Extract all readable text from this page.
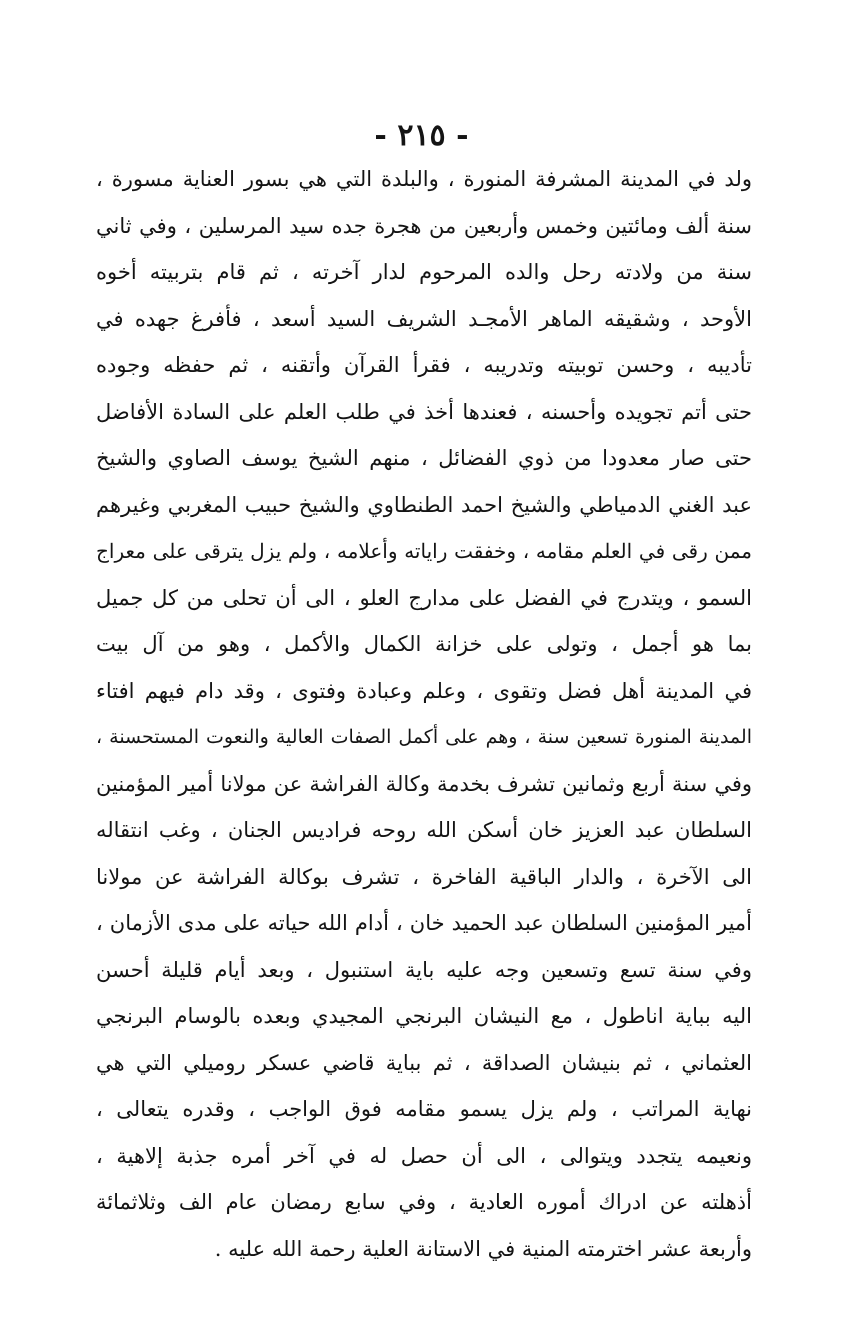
- ٢١٥ -
ولد في المدينة المشرفة المنورة ، والبلدة التي هي بسور العناية مسورة ،
سنة ألف ومائتين وخمس وأربعين من هجرة جده سيد المرسلين ، وفي ثاني
سنة من ولادته رحل والده المرحوم لدار آخرته ، ثم قام بتربيته أخوه
الأوحد ، وشقيقه الماهر الأمجـد الشريف السيد أسعد ، فأفرغ جهده في
تأديبه ، وحسن توبيته وتدريبه ، فقرأ القرآن وأتقنه ، ثم حفظه وجوده
حتى أتم تجويده وأحسنه ، فعندها أخذ في طلب العلم على السادة الأفاضل
حتى صار معدودا من ذوي الفضائل ، منهم الشيخ يوسف الصاوي والشيخ
عبد الغني الدمياطي والشيخ احمد الطنطاوي والشيخ حبيب المغربي وغيرهم
ممن رقى في العلم مقامه ، وخفقت راياته وأعلامه ، ولم يزل يترقى على معراج
السمو ، ويتدرج في الفضل على مدارج العلو ، الى أن تحلى من كل جميل
بما هو أجمل ، وتولى على خزانة الكمال والأكمل ، وهو من آل بيت
في المدينة أهل فضل وتقوى ، وعلم وعبادة وفتوى ، وقد دام فيهم افتاء
المدينة المنورة تسعين سنة ، وهم على أكمل الصفات العالية والنعوت المستحسنة ،
وفي سنة أربع وثمانين تشرف بخدمة وكالة الفراشة عن مولانا أمير المؤمنين
السلطان عبد العزيز خان أسكن الله روحه فراديس الجنان ، وغب انتقاله
الى الآخرة ، والدار الباقية الفاخرة ، تشرف بوكالة الفراشة عن مولانا
أمير المؤمنين السلطان عبد الحميد خان ، أدام الله حياته على مدى الأزمان ،
وفي سنة تسع وتسعين وجه عليه باية استنبول ، وبعد أيام قليلة أحسن
اليه بباية اناطول ، مع النيشان البرنجي المجيدي وبعده بالوسام البرنجي
العثماني ، ثم بنيشان الصداقة ، ثم بباية قاضي عسكر روميلي التي هي
نهاية المراتب ، ولم يزل يسمو مقامه فوق الواجب ، وقدره يتعالى ،
ونعيمه يتجدد ويتوالى ، الى أن حصل له في آخر أمره جذبة إلاهية ،
أذهلته عن ادراك أموره العادية ، وفي سابع رمضان عام الف وثلاثمائة
وأربعة عشر اخترمته المنية في الاستانة العلية رحمة الله عليه .
